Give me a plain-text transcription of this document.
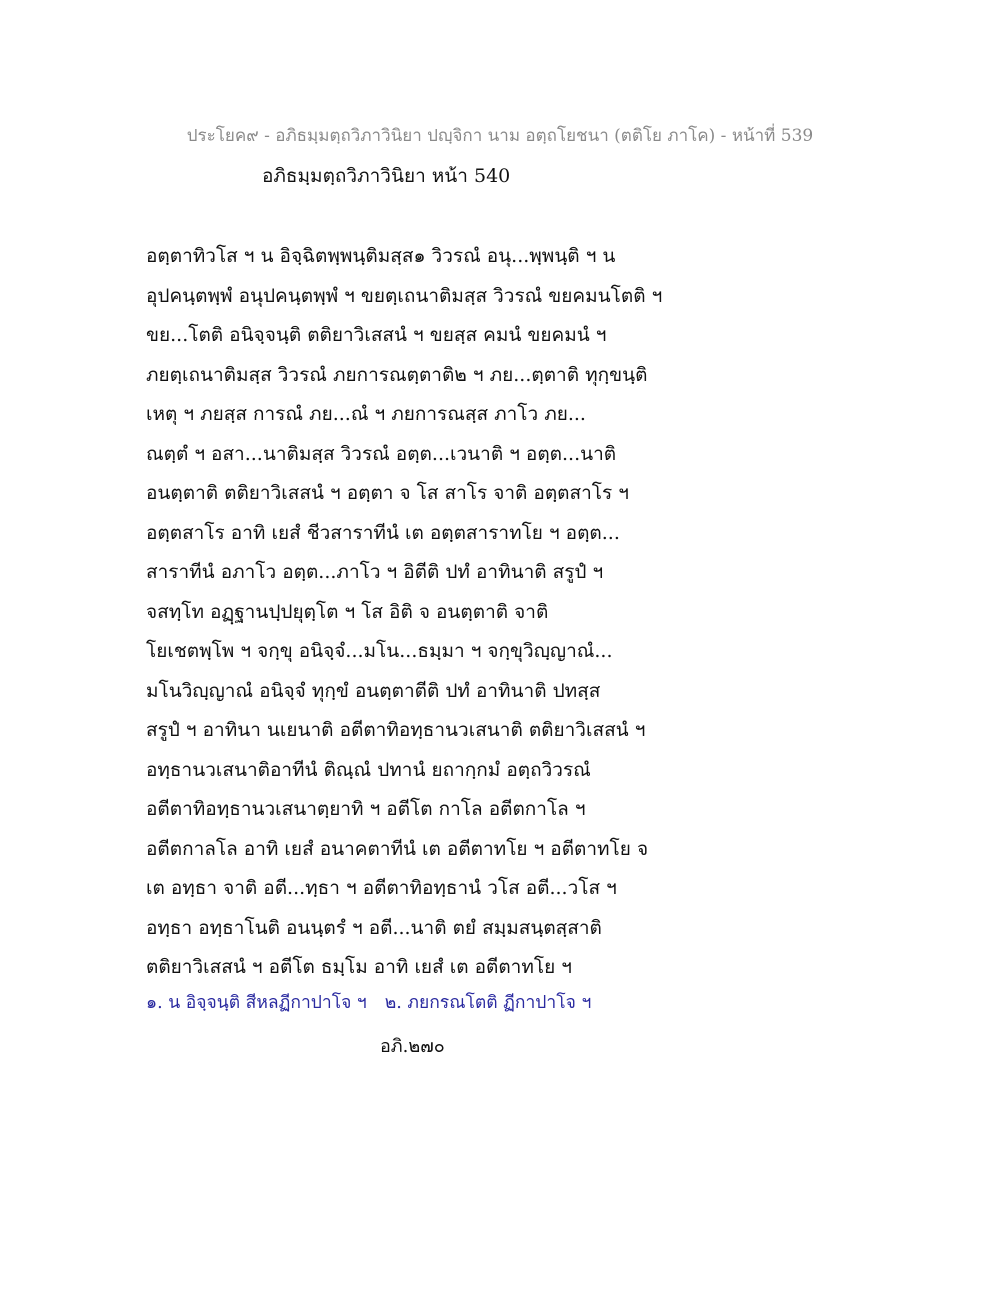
ประโยค๙ - อภิธมฺมตฺถวิภาวินิยา ปญฺจิกา นาม อตฺถโยชนา (ตติโย ภาโค) - หน้าที่ 539
อภิธมฺมตฺถวิภาวินิยา หน้า 540
อตฺตาทิวโส ฯ น อิจฺฉิตพฺพนฺติมสฺส๑ วิวรณํ อนุ...พฺพนฺติ ฯ น
อุปคนฺตพฺพํ อนุปคนฺตพฺพํ ฯ ขยตฺเถนาติมสฺส วิวรณํ ขยคมนโตติ ฯ
ขย...โตติ อนิจฺจนฺติ ตติยาวิเสสนํ ฯ ขยสฺส คมนํ ขยคมนํ ฯ
ภยตฺเถนาติมสฺส วิวรณํ ภยการณตฺตาติ๒ ฯ ภย...ตฺตาติ ทุกฺขนฺติ
เหตุ ฯ ภยสฺส การณํ ภย...ณํ ฯ ภยการณสฺส ภาโว ภย...
ณตฺตํ ฯ อสา...นาติมสฺส วิวรณํ อตฺต...เวนาติ ฯ อตฺต...นาติ
อนตฺตาติ ตติยาวิเสสนํ ฯ อตฺตา จ โส สาโร จาติ อตฺตสาโร ฯ
อตฺตสาโร อาทิ เยสํ ชีวสาราทีนํ เต อตฺตสาราทโย ฯ อตฺต...
สาราทีนํ อภาโว อตฺต...ภาโว ฯ อิตีติ ปทํ อาทินาติ สรูปํ ฯ
จสทฺโท อฏฺฐานปฺปยุตฺโต ฯ โส อิติ จ อนตฺตาติ จาติ
โยเชตพฺโพ ฯ จกฺขุ อนิจฺจํ...มโน...ธมฺมา ฯ จกฺขุวิญฺญาณํ...
มโนวิญฺญาณํ อนิจฺจํ ทุกฺขํ อนตฺตาตีติ ปทํ อาทินาติ ปทสฺส
สรูปํ ฯ อาทินา นเยนาติ อตีตาทิอทฺธานวเสนาติ ตติยาวิเสสนํ ฯ
อทฺธานวเสนาติอาทีนํ ติณฺณํ ปทานํ ยถากฺกมํ อตฺถวิวรณํ
อตีตาทิอทฺธานวเสนาตฺยาทิ ฯ อตีโต กาโล อตีตกาโล ฯ
อตีตกาลโล อาทิ เยสํ อนาคตาทีนํ เต อตีตาทโย ฯ อตีตาทโย จ
เต อทฺธา จาติ อตี...ทฺธา ฯ อตีตาทิอทฺธานํ วโส อตี...วโส ฯ
อทฺธา อทฺธาโนติ อนนฺตรํ ฯ อตี...นาติ ตยํ สมฺมสนฺตสฺสาติ
ตติยาวิเสสนํ ฯ อตีโต ธมฺโม อาทิ เยสํ เต อตีตาทโย ฯ
๑. น อิจฺจนฺติ สีหลฏีกาปาโจ ฯ ๒. ภยกรณโตติ ฏีกาปาโจ ฯ
อภิ.๒๗๐
